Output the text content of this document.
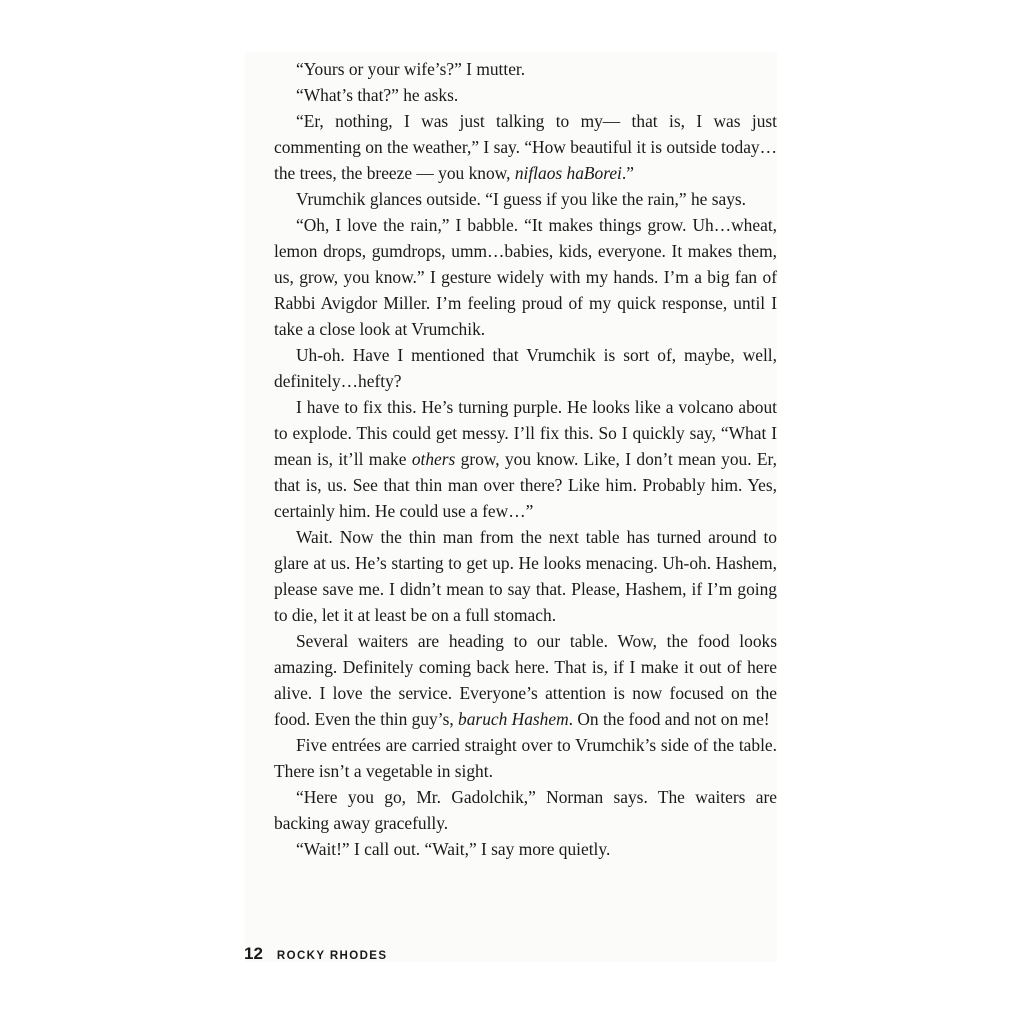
“Yours or your wife’s?” I mutter.

“What’s that?” he asks.

“Er, nothing, I was just talking to my— that is, I was just commenting on the weather,” I say. “How beautiful it is outside today…the trees, the breeze — you know, niflaos haBorei.”

Vrumchik glances outside. “I guess if you like the rain,” he says.

“Oh, I love the rain,” I babble. “It makes things grow. Uh…wheat, lemon drops, gumdrops, umm…babies, kids, everyone. It makes them, us, grow, you know.” I gesture widely with my hands. I’m a big fan of Rabbi Avigdor Miller. I’m feeling proud of my quick response, until I take a close look at Vrumchik.

Uh-oh. Have I mentioned that Vrumchik is sort of, maybe, well, definitely…hefty?

I have to fix this. He’s turning purple. He looks like a volcano about to explode. This could get messy. I’ll fix this. So I quickly say, “What I mean is, it’ll make others grow, you know. Like, I don’t mean you. Er, that is, us. See that thin man over there? Like him. Probably him. Yes, certainly him. He could use a few…”

Wait. Now the thin man from the next table has turned around to glare at us. He’s starting to get up. He looks menacing. Uh-oh. Hashem, please save me. I didn’t mean to say that. Please, Hashem, if I’m going to die, let it at least be on a full stomach.

Several waiters are heading to our table. Wow, the food looks amazing. Definitely coming back here. That is, if I make it out of here alive. I love the service. Everyone’s attention is now focused on the food. Even the thin guy’s, baruch Hashem. On the food and not on me!

Five entrées are carried straight over to Vrumchik’s side of the table. There isn’t a vegetable in sight.

“Here you go, Mr. Gadolchik,” Norman says. The waiters are backing away gracefully.

“Wait!” I call out. “Wait,” I say more quietly.

12 ROCKY RHODES
